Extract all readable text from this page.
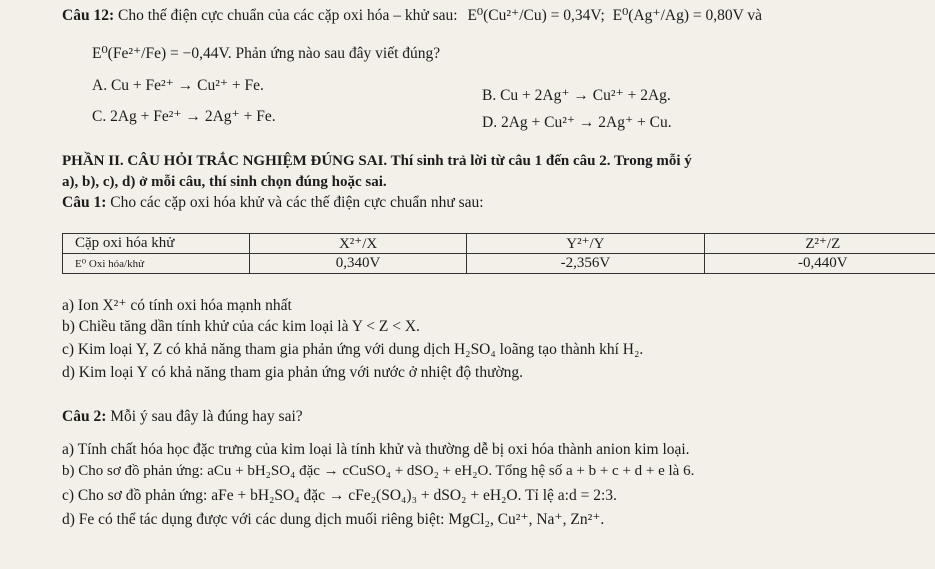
Câu 12: Cho thế điện cực chuẩn của các cặp oxi hóa – khử sau: E⁰(Cu²⁺/Cu) = 0,34V; E⁰(Ag⁺/Ag) = 0,80V và
E⁰(Fe²⁺/Fe) = −0,44V. Phản ứng nào sau đây viết đúng?
A. Cu + Fe²⁺ → Cu²⁺ + Fe.
B. Cu + 2Ag⁺ → Cu²⁺ + 2Ag.
C. 2Ag + Fe²⁺ → 2Ag⁺ + Fe.	D. 2Ag + Cu²⁺ → 2Ag⁺ + Cu.
PHẦN II. CÂU HỎI TRẮC NGHIỆM ĐÚNG SAI. Thí sinh trả lời từ câu 1 đến câu 2. Trong mỗi ý
a), b), c), d) ở mỗi câu, thí sinh chọn đúng hoặc sai.
Câu 1: Cho các cặp oxi hóa khử và các thế điện cực chuẩn như sau:
Cặp oxi hóa khử	X²⁺/X	Y²⁺/Y	Z²⁺/Z
E⁰ Oxi hóa/khử	0,340V	-2,356V	-0,440V
a) Ion X²⁺ có tính oxi hóa mạnh nhất
b) Chiều tăng dần tính khử của các kim loại là Y < Z < X.
c) Kim loại Y, Z có khả năng tham gia phản ứng với dung dịch H₂SO₄ loãng tạo thành khí H₂.
d) Kim loại Y có khả năng tham gia phản ứng với nước ở nhiệt độ thường.
Câu 2: Mỗi ý sau đây là đúng hay sai?
a) Tính chất hóa học đặc trưng của kim loại là tính khử và thường dễ bị oxi hóa thành anion kim loại.
b) Cho sơ đồ phản ứng: aCu + bH₂SO₄ đặc → cCuSO₄ + dSO₂ + eH₂O. Tổng hệ số a + b + c + d + e là 6.
c) Cho sơ đồ phản ứng: aFe + bH₂SO₄ đặc → cFe₂(SO₄)₃ + dSO₂ + eH₂O. Tỉ lệ a:d = 2:3.
d) Fe có thể tác dụng được với các dung dịch muối riêng biệt: MgCl₂, Cu²⁺, Na⁺, Zn²⁺.
